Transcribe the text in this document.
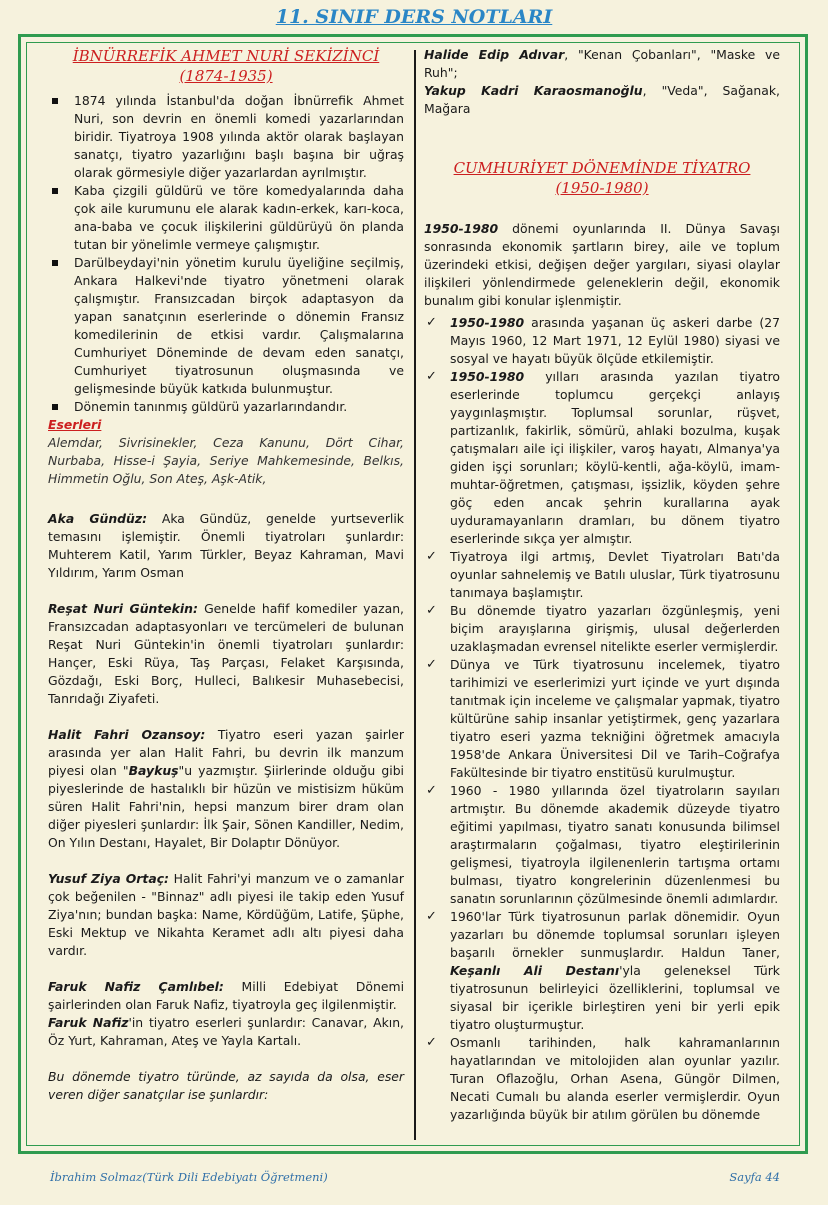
11. SINIF DERS NOTLARI
İBNÜRREFİK AHMET NURİ SEKİZİNCİ
(1874-1935)
1874 yılında İstanbul'da doğan İbnürrefik Ahmet Nuri, son devrin en önemli komedi yazarlarından biridir. Tiyatroya 1908 yılında aktör olarak başlayan sanatçı, tiyatro yazarlığını başlı başına bir uğraş olarak görmesiyle diğer yazarlardan ayrılmıştır.
Kaba çizgili güldürü ve töre komedyalarında daha çok aile kurumunu ele alarak kadın-erkek, karı-koca, ana-baba ve çocuk ilişkilerini güldürüyü ön planda tutan bir yönelimle vermeye çalışmıştır.
Darülbeydayi'nin yönetim kurulu üyeliğine seçilmiş, Ankara Halkevi'nde tiyatro yönetmeni olarak çalışmıştır. Fransızcadan birçok adaptasyon da yapan sanatçının eserlerinde o dönemin Fransız komedilerinin de etkisi vardır. Çalışmalarına Cumhuriyet Döneminde de devam eden sanatçı, Cumhuriyet tiyatrosunun oluşmasında ve gelişmesinde büyük katkıda bulunmuştur.
Dönemin tanınmış güldürü yazarlarındandır.
Eserleri
Alemdar, Sivrisinekler, Ceza Kanunu, Dört Cihar, Nurbaba, Hisse-i Şayia, Seriye Mahkemesinde, Belkıs, Himmetin Oğlu, Son Ateş, Aşk-Atik,

Aka Gündüz: Aka Gündüz, genelde yurtseverlik temasını işlemiştir. Önemli tiyatroları şunlardır: Muhterem Katil, Yarım Türkler, Beyaz Kahraman, Mavi Yıldırım, Yarım Osman

Reşat Nuri Güntekin: Genelde hafif komediler yazan, Fransızcadan adaptasyonları ve tercümeleri de bulunan Reşat Nuri Güntekin'in önemli tiyatroları şunlardır: Hançer, Eski Rüya, Taş Parçası, Felaket Karşısında, Gözdağı, Eski Borç, Hulleci, Balıkesir Muhasebecisi, Tanrıdağı Ziyafeti.

Halit Fahri Ozansoy: Tiyatro eseri yazan şairler arasında yer alan Halit Fahri, bu devrin ilk manzum piyesi olan "Baykuş"u yazmıştır. Şiirlerinde olduğu gibi piyeslerinde de hastalıklı bir hüzün ve mistisizm hüküm süren Halit Fahri'nin, hepsi manzum birer dram olan diğer piyesleri şunlardır: İlk Şair, Sönen Kandiller, Nedim, On Yılın Destanı, Hayalet, Bir Dolaptır Dönüyor.

Yusuf Ziya Ortaç: Halit Fahri'yi manzum ve o zamanlar çok beğenilen - "Binnaz" adlı piyesi ile takip eden Yusuf Ziya'nın; bundan başka: Name, Kördüğüm, Latife, Şüphe, Eski Mektup ve Nikahta Keramet adlı altı piyesi daha vardır.

Faruk Nafiz Çamlıbel: Milli Edebiyat Dönemi şairlerinden olan Faruk Nafiz, tiyatroyla geç ilgilenmiştir.

Faruk Nafiz'in tiyatro eserleri şunlardır: Canavar, Akın, Öz Yurt, Kahraman, Ateş ve Yayla Kartalı.

Bu dönemde tiyatro türünde, az sayıda da olsa, eser veren diğer sanatçılar ise şunlardır:

Halide Edip Adıvar, "Kenan Çobanları", "Maske ve Ruh";

Yakup Kadri Karaosmanoğlu, "Veda", Sağanak, Mağara

CUMHURİYET DÖNEMİNDE TİYATRO
(1950-1980)

1950-1980 dönemi oyunlarında II. Dünya Savaşı sonrasında ekonomik şartların birey, aile ve toplum üzerindeki etkisi, değişen değer yargıları, siyasi olaylar ilişkileri yönlendirmede geleneklerin değil, ekonomik bunalım gibi konular işlenmiştir.

✓ 1950-1980 arasında yaşanan üç askeri darbe (27 Mayıs 1960, 12 Mart 1971, 12 Eylül 1980) siyasi ve sosyal ve hayatı büyük ölçüde etkilemiştir.
✓ 1950-1980 yılları arasında yazılan tiyatro eserlerinde toplumcu gerçekçi anlayış yaygınlaşmıştır. Toplumsal sorunlar, rüşvet, partizanlık, fakirlik, sömürü, ahlaki bozulma, kuşak çatışmaları aile içi ilişkiler, varoş hayatı, Almanya'ya giden işçi sorunları; köylü-kentli, ağa-köylü, imam-muhtar-öğretmen, çatışması, işsizlik, köyden şehre göç eden ancak şehrin kurallarına ayak uyduramayanların dramları, bu dönem tiyatro eserlerinde sıkça yer almıştır.
✓ Tiyatroya ilgi artmış, Devlet Tiyatroları Batı'da oyunlar sahnelemiş ve Batılı uluslar, Türk tiyatrosunu tanımaya başlamıştır.
✓ Bu dönemde tiyatro yazarları özgünleşmiş, yeni biçim arayışlarına girişmiş, ulusal değerlerden uzaklaşmadan evrensel nitelikte eserler vermişlerdir.
✓ Dünya ve Türk tiyatrosunu incelemek, tiyatro tarihimizi ve eserlerimizi yurt içinde ve yurt dışında tanıtmak için inceleme ve çalışmalar yapmak, tiyatro kültürüne sahip insanlar yetiştirmek, genç yazarlara tiyatro eseri yazma tekniğini öğretmek amacıyla 1958'de Ankara Üniversitesi Dil ve Tarih–Coğrafya Fakültesinde bir tiyatro enstitüsü kurulmuştur.
✓ 1960 - 1980 yıllarında özel tiyatroların sayıları artmıştır. Bu dönemde akademik düzeyde tiyatro eğitimi yapılması, tiyatro sanatı konusunda bilimsel araştırmaların çoğalması, tiyatro eleştirilerinin gelişmesi, tiyatroyla ilgilenenlerin tartışma ortamı bulması, tiyatro kongrelerinin düzenlenmesi bu sanatın sorunlarının çözülmesinde önemli adımlardır.
✓ 1960'lar Türk tiyatrosunun parlak dönemidir. Oyun yazarları bu dönemde toplumsal sorunları işleyen başarılı örnekler sunmuşlardır. Haldun Taner, Keşanlı Ali Destanı'yla geleneksel Türk tiyatrosunun belirleyici özelliklerini, toplumsal ve siyasal bir içerikle birleştiren yeni bir yerli epik tiyatro oluşturmuştur.
✓ Osmanlı tarihinden, halk kahramanlarının hayatlarından ve mitolojiden alan oyunlar yazılır. Turan Oflazoğlu, Orhan Asena, Güngör Dilmen, Necati Cumalı bu alanda eserler vermişlerdir. Oyun yazarlığında büyük bir atılım görülen bu dönemde
İbrahim Solmaz(Türk Dili Edebiyatı Öğretmeni)	Sayfa 44
